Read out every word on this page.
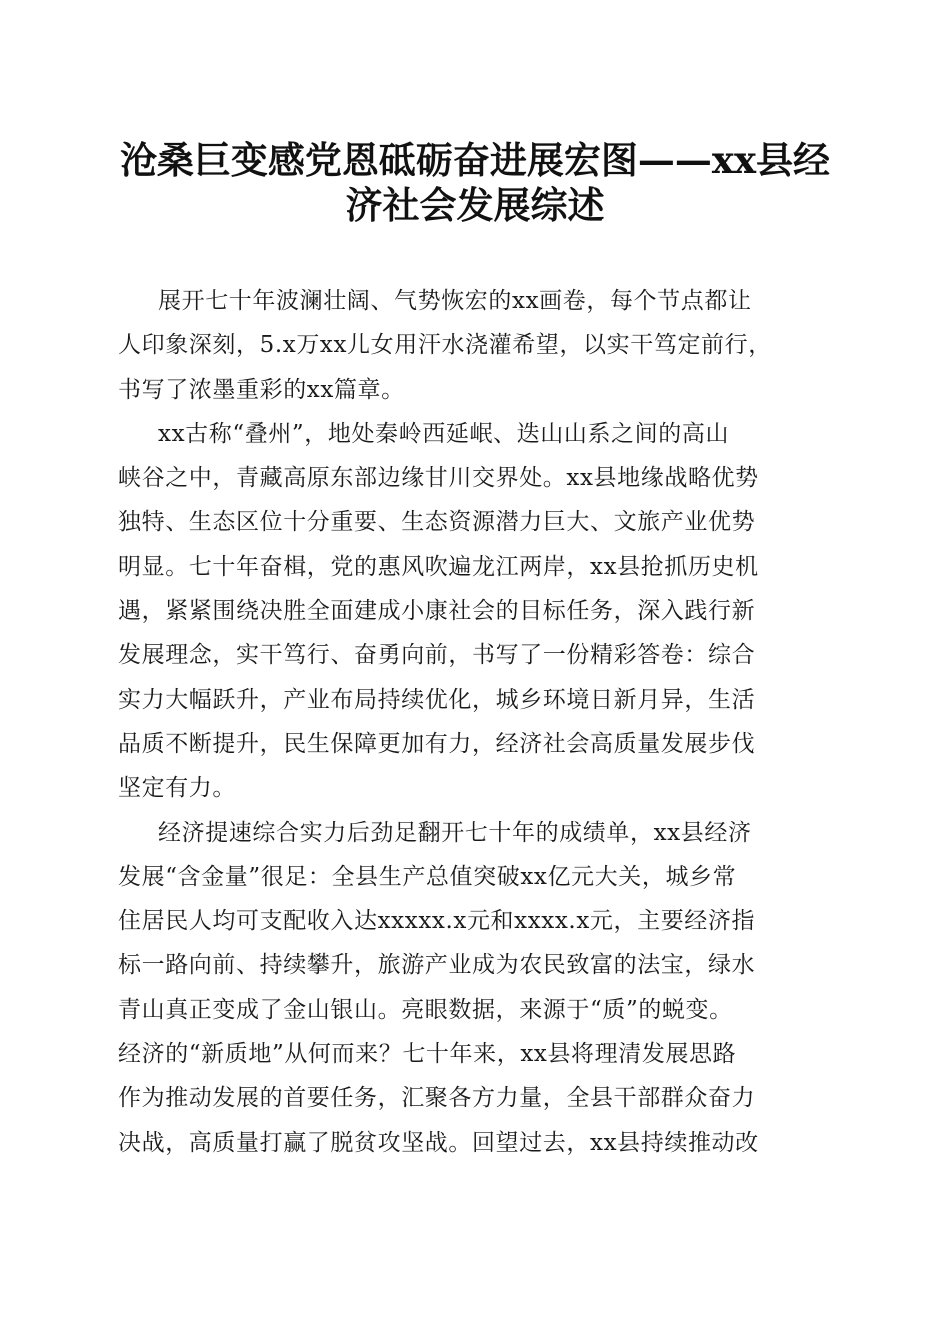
沧桑巨变感党恩砥砺奋进展宏图——xx县经
济社会发展综述
展开七十年波澜壮阔、气势恢宏的xx画卷，每个节点都让
人印象深刻，5.x万xx儿女用汗水浇灌希望，以实干笃定前行，
书写了浓墨重彩的xx篇章。
xx古称“叠州”，地处秦岭西延岷、迭山山系之间的高山
峡谷之中，青藏高原东部边缘甘川交界处。xx县地缘战略优势
独特、生态区位十分重要、生态资源潜力巨大、文旅产业优势
明显。七十年奋楫，党的惠风吹遍龙江两岸，xx县抢抓历史机
遇，紧紧围绕决胜全面建成小康社会的目标任务，深入践行新
发展理念，实干笃行、奋勇向前，书写了一份精彩答卷：综合
实力大幅跃升，产业布局持续优化，城乡环境日新月异，生活
品质不断提升，民生保障更加有力，经济社会高质量发展步伐
坚定有力。
经济提速综合实力后劲足翻开七十年的成绩单，xx县经济
发展“含金量”很足：全县生产总值突破xx亿元大关，城乡常
住居民人均可支配收入达xxxxx.x元和xxxx.x元，主要经济指
标一路向前、持续攀升，旅游产业成为农民致富的法宝，绿水
青山真正变成了金山银山。亮眼数据，来源于“质”的蜕变。
经济的“新质地”从何而来？七十年来，xx县将理清发展思路
作为推动发展的首要任务，汇聚各方力量，全县干部群众奋力
决战，高质量打赢了脱贫攻坚战。回望过去，xx县持续推动改
